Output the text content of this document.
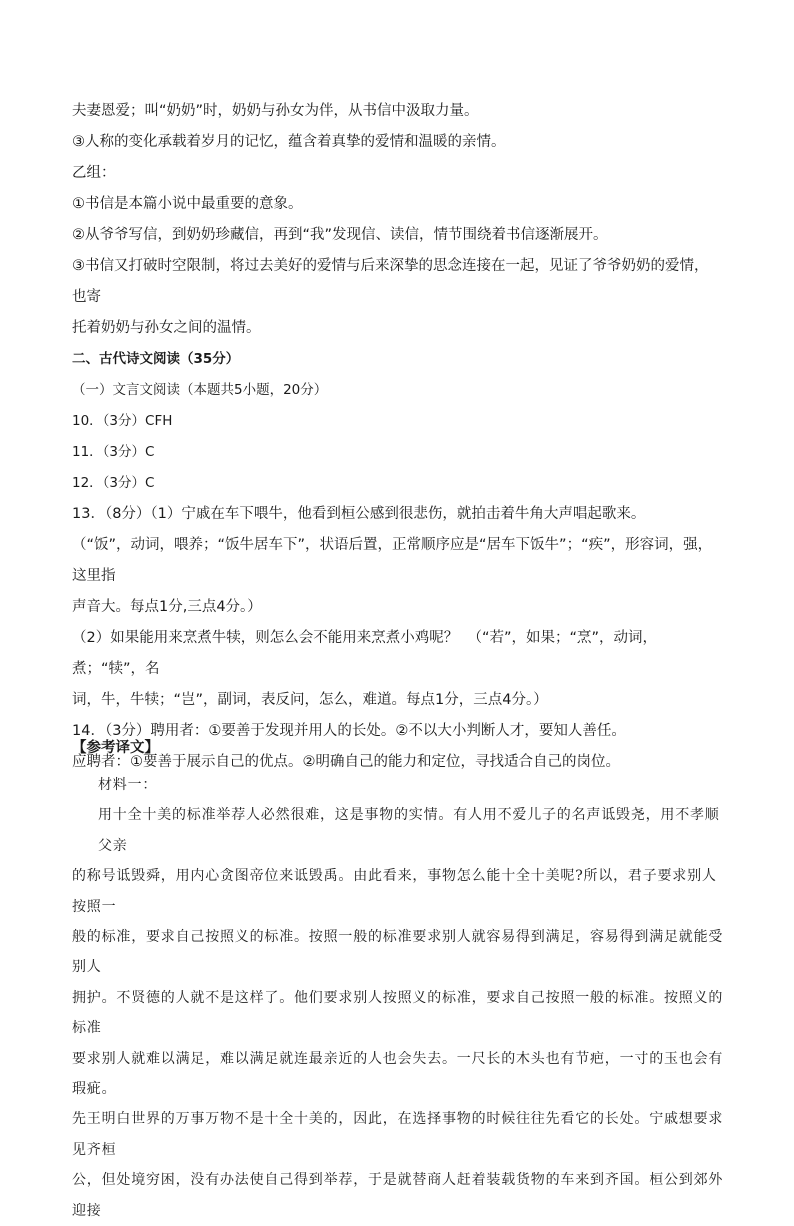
夫妻恩爱；叫“奶奶”时，奶奶与孙女为伴，从书信中汲取力量。

③人称的变化承载着岁月的记忆，蕴含着真挚的爱情和温暖的亲情。

乙组：

①书信是本篇小说中最重要的意象。

②从爷爷写信，到奶奶珍藏信，再到“我”发现信、读信，情节围绕着书信逐渐展开。

③书信又打破时空限制，将过去美好的爱情与后来深挚的思念连接在一起，见证了爷爷奶奶的爱情，也寄

托着奶奶与孙女之间的温情。

二、古代诗文阅读（35分）

（一）文言文阅读（本题共5小题，20分）

10．（3分）CFH

11．（3分）C

12．（3分）C

13．（8分）（1）宁戚在车下喂牛，他看到桓公感到很悲伤，就拍击着牛角大声唱起歌来。

（“饭”，动词，喂养；“饭牛居车下”，状语后置，正常顺序应是“居车下饭牛”；“疾”，形容词，强，这里指

声音大。每点1分,三点4分。）

（2）如果能用来烹煮牛犊，则怎么会不能用来烹煮小鸡呢？  （“若”，如果；“烹”，动词，煮；“犊”，名

词，牛，牛犊；“岂”，副词，表反问，怎么，难道。每点1分，三点4分。）

14．（3分）聘用者：①要善于发现并用人的长处。②不以大小判断人才，要知人善任。

应聘者：①要善于展示自己的优点。②明确自己的能力和定位，寻找适合自己的岗位。

【参考译文】

材料一：

用十全十美的标准举荐人必然很难，这是事物的实情。有人用不爱儿子的名声诋毁尧，用不孝顺父亲

的称号诋毁舜，用内心贪图帝位来诋毁禹。由此看来，事物怎么能十全十美呢?所以，君子要求别人按照一

般的标准，要求自己按照义的标准。按照一般的标准要求别人就容易得到满足，容易得到满足就能受别人

拥护。不贤德的人就不是这样了。他们要求别人按照义的标准，要求自己按照一般的标准。按照义的标准

要求别人就难以满足，难以满足就连最亲近的人也会失去。一尺长的木头也有节疤，一寸的玉也会有瑕疵。

先王明白世界的万事万物不是十全十美的，因此，在选择事物的时候往往先看它的长处。宁戚想要求见齐桓

公，但处境穷困，没有办法使自己得到举荐，于是就替商人赶着装载货物的车来到齐国。桓公到郊外迎接
